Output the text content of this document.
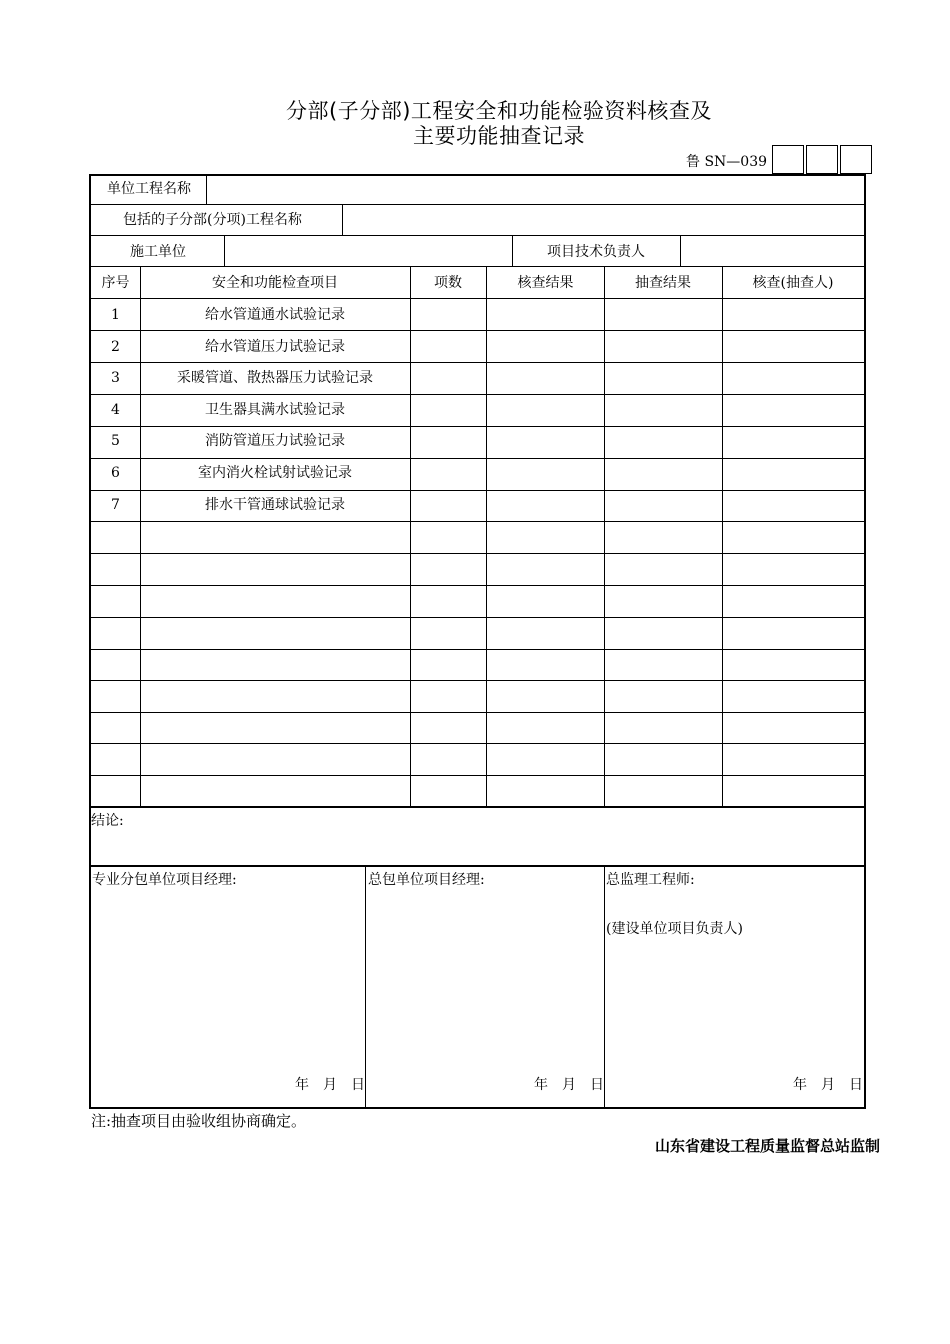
分部(子分部)工程安全和功能检验资料核查及
主要功能抽查记录
鲁 SN—039
单位工程名称
包括的子分部(分项)工程名称
施工单位	项目技术负责人
序号	安全和功能检查项目	项数	核查结果	抽查结果	核查(抽查人)
1	给水管道通水试验记录
2	给水管道压力试验记录
3	采暖管道、散热器压力试验记录
4	卫生器具满水试验记录
5	消防管道压力试验记录
6	室内消火栓试射试验记录
7	排水干管通球试验记录
结论:
专业分包单位项目经理:	总包单位项目经理:	总监理工程师:
(建设单位项目负责人)
年　月　日	年　月　日	年　月　日
注:抽查项目由验收组协商确定。
山东省建设工程质量监督总站监制
